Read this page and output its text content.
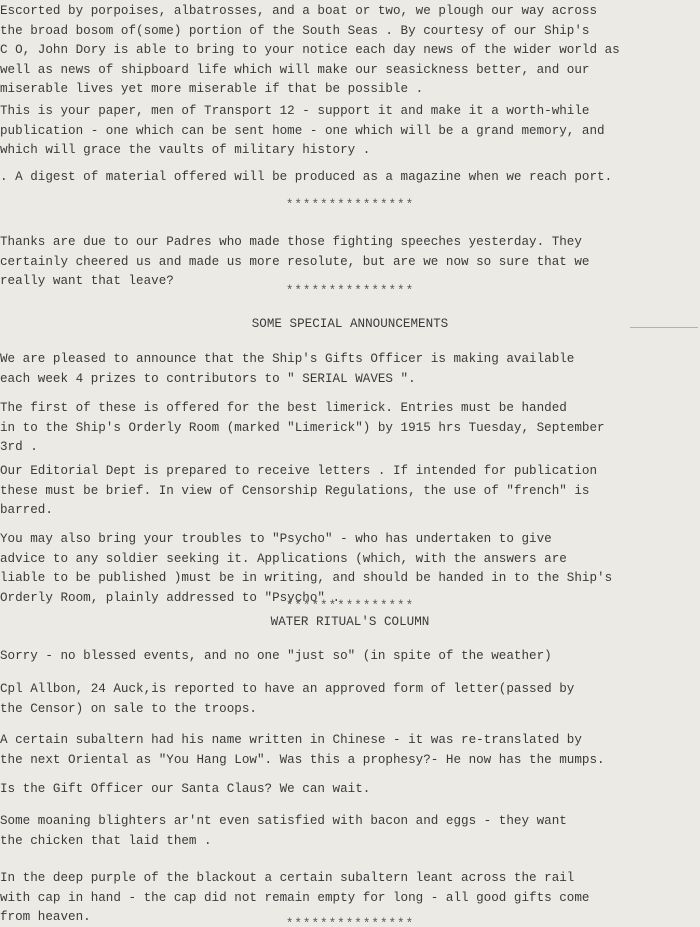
Escorted by porpoises, albatrosses, and a boat or two, we plough our way across
the broad bosom of(some) portion of the South Seas . By courtesy of our Ship's
C O, John Dory is able to bring to your notice each day news of the wider world as
well as news of shipboard life which will make our seasickness better, and our
miserable lives yet more miserable if that be possible .
This is your paper, men of Transport 12 - support it and make it a worth-while
publication - one which can be sent home - one which will be a grand memory, and
which will grace the vaults of military history .
. A digest of material offered will be produced as a magazine when we reach port.
***************
Thanks are due to our Padres who made those fighting speeches yesterday. They
certainly cheered us and made us more resolute, but are we now so sure that we
really want that leave?
***************
SOME SPECIAL ANNOUNCEMENTS
We are pleased to announce that the Ship's Gifts Officer is making available
each week 4 prizes to contributors to " SERIAL WAVES ".
The first of these is offered for the best limerick. Entries must be handed
in to the Ship's Orderly Room (marked "Limerick") by 1915 hrs Tuesday, September
3rd .
Our Editorial Dept is prepared to receive letters . If intended for publication
these must be brief. In view of Censorship Regulations, the use of "french" is
barred.
You may also bring your troubles to "Psycho" - who has undertaken to give
advice to any soldier seeking it. Applications (which, with the answers are
liable to be published )must be in writing, and should be handed in to the Ship's
Orderly Room, plainly addressed to "Psycho" .
***************
WATER RITUAL'S COLUMN
Sorry - no blessed events, and no one "just so" (in spite of the weather)
Cpl Allbon, 24 Auck,is reported to have an approved form of letter(passed by
the Censor) on sale to the troops.
A certain subaltern had his name written in Chinese - it was re-translated by
the next Oriental as "You Hang Low". Was this a prophesy?- He now has the mumps.
Is the Gift Officer our Santa Claus? We can wait.
Some moaning blighters ar'nt even satisfied with bacon and eggs - they want
the chicken that laid them .
In the deep purple of the blackout a certain subaltern leant across the rail
with cap in hand - the cap did not remain empty for long - all good gifts come
from heaven.	***************
